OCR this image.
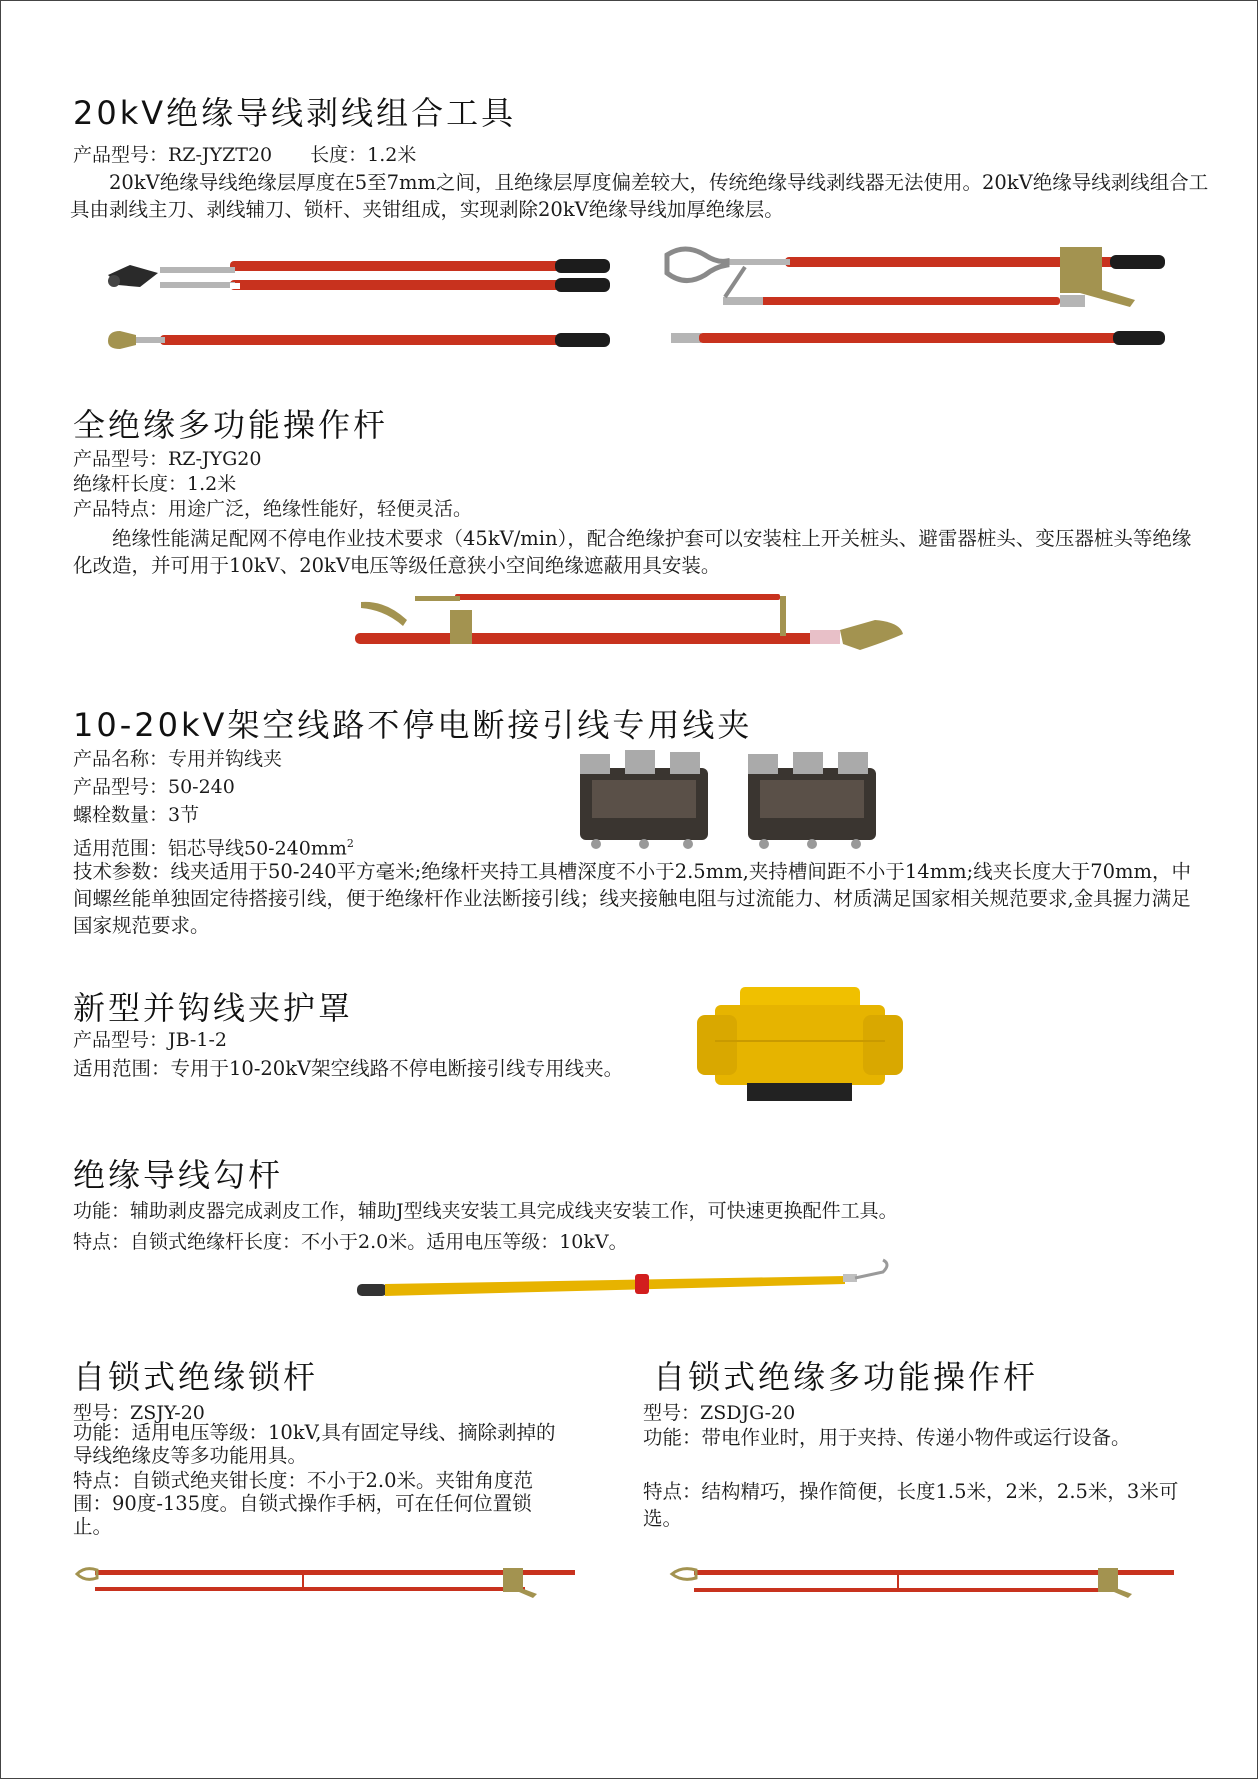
20kV绝缘导线剥线组合工具

产品型号：RZ-JYZT20　　长度：1.2米

20kV绝缘导线绝缘层厚度在5至7mm之间，且绝缘层厚度偏差较大，传统绝缘导线剥线器无法使用。20kV绝缘导线剥线组合工具由剥线主刀、剥线辅刀、锁杆、夹钳组成，实现剥除20kV绝缘导线加厚绝缘层。

全绝缘多功能操作杆

产品型号：RZ-JYG20

绝缘杆长度：1.2米

产品特点：用途广泛，绝缘性能好，轻便灵活。

绝缘性能满足配网不停电作业技术要求（45kV/min），配合绝缘护套可以安装柱上开关桩头、避雷器桩头、变压器桩头等绝缘化改造，并可用于10kV、20kV电压等级任意狭小空间绝缘遮蔽用具安装。

10-20kV架空线路不停电断接引线专用线夹

产品名称：专用并钩线夹

产品型号：50-240

螺栓数量：3节

适用范围：铝芯导线$50-240mm^2$

技术参数：线夹适用于50-240平方毫米;绝缘杆夹持工具槽深度不小于2.5mm,夹持槽间距不小于14mm;线夹长度大于70mm，中间螺丝能单独固定待搭接引线，便于绝缘杆作业法断接引线；线夹接触电阻与过流能力、材质满足国家相关规范要求,金具握力满足国家规范要求。

新型并钩线夹护罩

产品型号：JB-1-2

适用范围：专用于10-20kV架空线路不停电断接引线专用线夹。

绝缘导线勾杆

功能：辅助剥皮器完成剥皮工作，辅助J型线夹安装工具完成线夹安装工作，可快速更换配件工具。

特点：自锁式绝缘杆长度：不小于2.0米。适用电压等级：10kV。

自锁式绝缘锁杆

型号：ZSJY-20

功能：适用电压等级：10kV,具有固定导线、摘除剥掉的导线绝缘皮等多功能用具。

特点：自锁式绝夹钳长度：不小于2.0米。夹钳角度范围：90度-135度。自锁式操作手柄，可在任何位置锁止。

自锁式绝缘多功能操作杆

型号：ZSDJG-20

功能：带电作业时，用于夹持、传递小物件或运行设备。

特点：结构精巧，操作简便，长度1.5米，2米，2.5米，3米可选。
